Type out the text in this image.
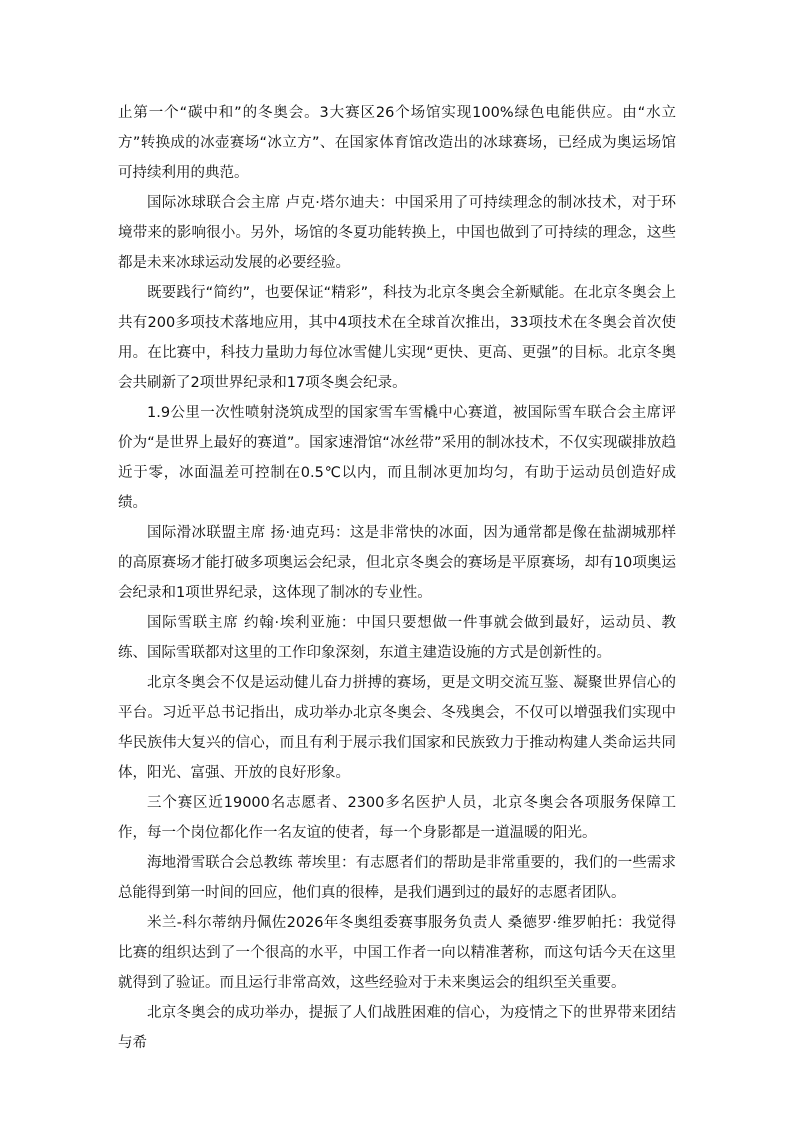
止第一个“碳中和”的冬奥会。3大赛区26个场馆实现100%绿色电能供应。由“水立方”转换成的冰壶赛场“冰立方”、在国家体育馆改造出的冰球赛场，已经成为奥运场馆可持续利用的典范。

国际冰球联合会主席 卢克·塔尔迪夫：中国采用了可持续理念的制冰技术，对于环境带来的影响很小。另外，场馆的冬夏功能转换上，中国也做到了可持续的理念，这些都是未来冰球运动发展的必要经验。

既要践行“简约”，也要保证“精彩”，科技为北京冬奥会全新赋能。在北京冬奥会上共有200多项技术落地应用，其中4项技术在全球首次推出，33项技术在冬奥会首次使用。在比赛中，科技力量助力每位冰雪健儿实现“更快、更高、更强”的目标。北京冬奥会共刷新了2项世界纪录和17项冬奥会纪录。

1.9公里一次性喷射浇筑成型的国家雪车雪橇中心赛道，被国际雪车联合会主席评价为“是世界上最好的赛道”。国家速滑馆“冰丝带”采用的制冰技术，不仅实现碳排放趋近于零，冰面温差可控制在0.5℃以内，而且制冰更加均匀，有助于运动员创造好成绩。

国际滑冰联盟主席 扬·迪克玛：这是非常快的冰面，因为通常都是像在盐湖城那样的高原赛场才能打破多项奥运会纪录，但北京冬奥会的赛场是平原赛场，却有10项奥运会纪录和1项世界纪录，这体现了制冰的专业性。

国际雪联主席 约翰·埃利亚施：中国只要想做一件事就会做到最好，运动员、教练、国际雪联都对这里的工作印象深刻，东道主建造设施的方式是创新性的。

北京冬奥会不仅是运动健儿奋力拼搏的赛场，更是文明交流互鉴、凝聚世界信心的平台。习近平总书记指出，成功举办北京冬奥会、冬残奥会，不仅可以增强我们实现中华民族伟大复兴的信心，而且有利于展示我们国家和民族致力于推动构建人类命运共同体，阳光、富强、开放的良好形象。

三个赛区近19000名志愿者、2300多名医护人员，北京冬奥会各项服务保障工作，每一个岗位都化作一名友谊的使者，每一个身影都是一道温暖的阳光。

海地滑雪联合会总教练 蒂埃里：有志愿者们的帮助是非常重要的，我们的一些需求总能得到第一时间的回应，他们真的很棒，是我们遇到过的最好的志愿者团队。

米兰-科尔蒂纳丹佩佐2026年冬奥组委赛事服务负责人 桑德罗·维罗帕托：我觉得比赛的组织达到了一个很高的水平，中国工作者一向以精准著称，而这句话今天在这里就得到了验证。而且运行非常高效，这些经验对于未来奥运会的组织至关重要。

北京冬奥会的成功举办，提振了人们战胜困难的信心，为疫情之下的世界带来团结与希
